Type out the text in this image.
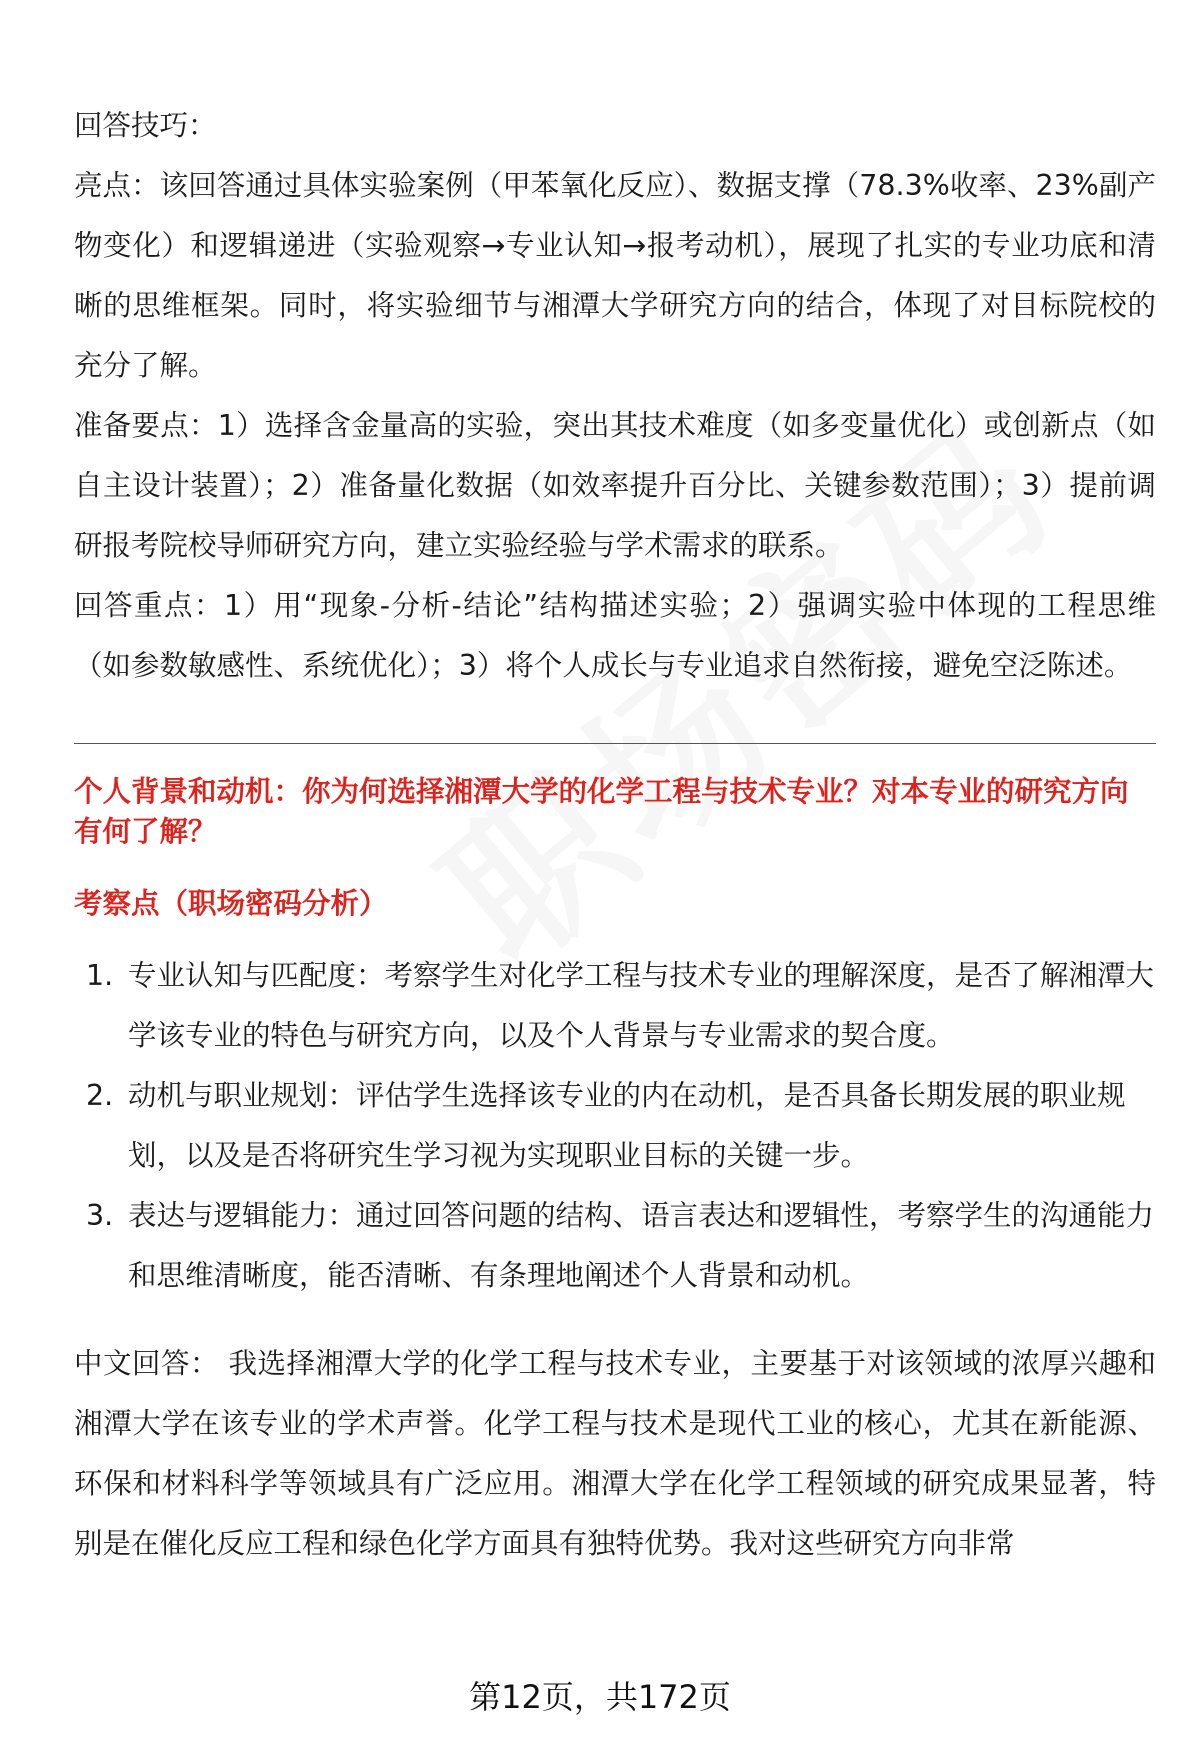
回答技巧：

亮点：该回答通过具体实验案例（甲苯氧化反应）、数据支撑（78.3%收率、23%副产物变化）和逻辑递进（实验观察→专业认知→报考动机），展现了扎实的专业功底和清晰的思维框架。同时，将实验细节与湘潭大学研究方向的结合，体现了对目标院校的充分了解。

准备要点：1）选择含金量高的实验，突出其技术难度（如多变量优化）或创新点（如自主设计装置）；2）准备量化数据（如效率提升百分比、关键参数范围）；3）提前调研报考院校导师研究方向，建立实验经验与学术需求的联系。

回答重点：1）用“现象-分析-结论”结构描述实验；2）强调实验中体现的工程思维（如参数敏感性、系统优化）；3）将个人成长与专业追求自然衔接，避免空泛陈述。

个人背景和动机：你为何选择湘潭大学的化学工程与技术专业？对本专业的研究方向有何了解？

考察点（职场密码分析）

1. 专业认知与匹配度：考察学生对化学工程与技术专业的理解深度，是否了解湘潭大学该专业的特色与研究方向，以及个人背景与专业需求的契合度。
2. 动机与职业规划：评估学生选择该专业的内在动机，是否具备长期发展的职业规划，以及是否将研究生学习视为实现职业目标的关键一步。
3. 表达与逻辑能力：通过回答问题的结构、语言表达和逻辑性，考察学生的沟通能力和思维清晰度，能否清晰、有条理地阐述个人背景和动机。

中文回答： 我选择湘潭大学的化学工程与技术专业，主要基于对该领域的浓厚兴趣和湘潭大学在该专业的学术声誉。化学工程与技术是现代工业的核心，尤其在新能源、环保和材料科学等领域具有广泛应用。湘潭大学在化学工程领域的研究成果显著，特别是在催化反应工程和绿色化学方面具有独特优势。我对这些研究方向非常

第12页，共172页
